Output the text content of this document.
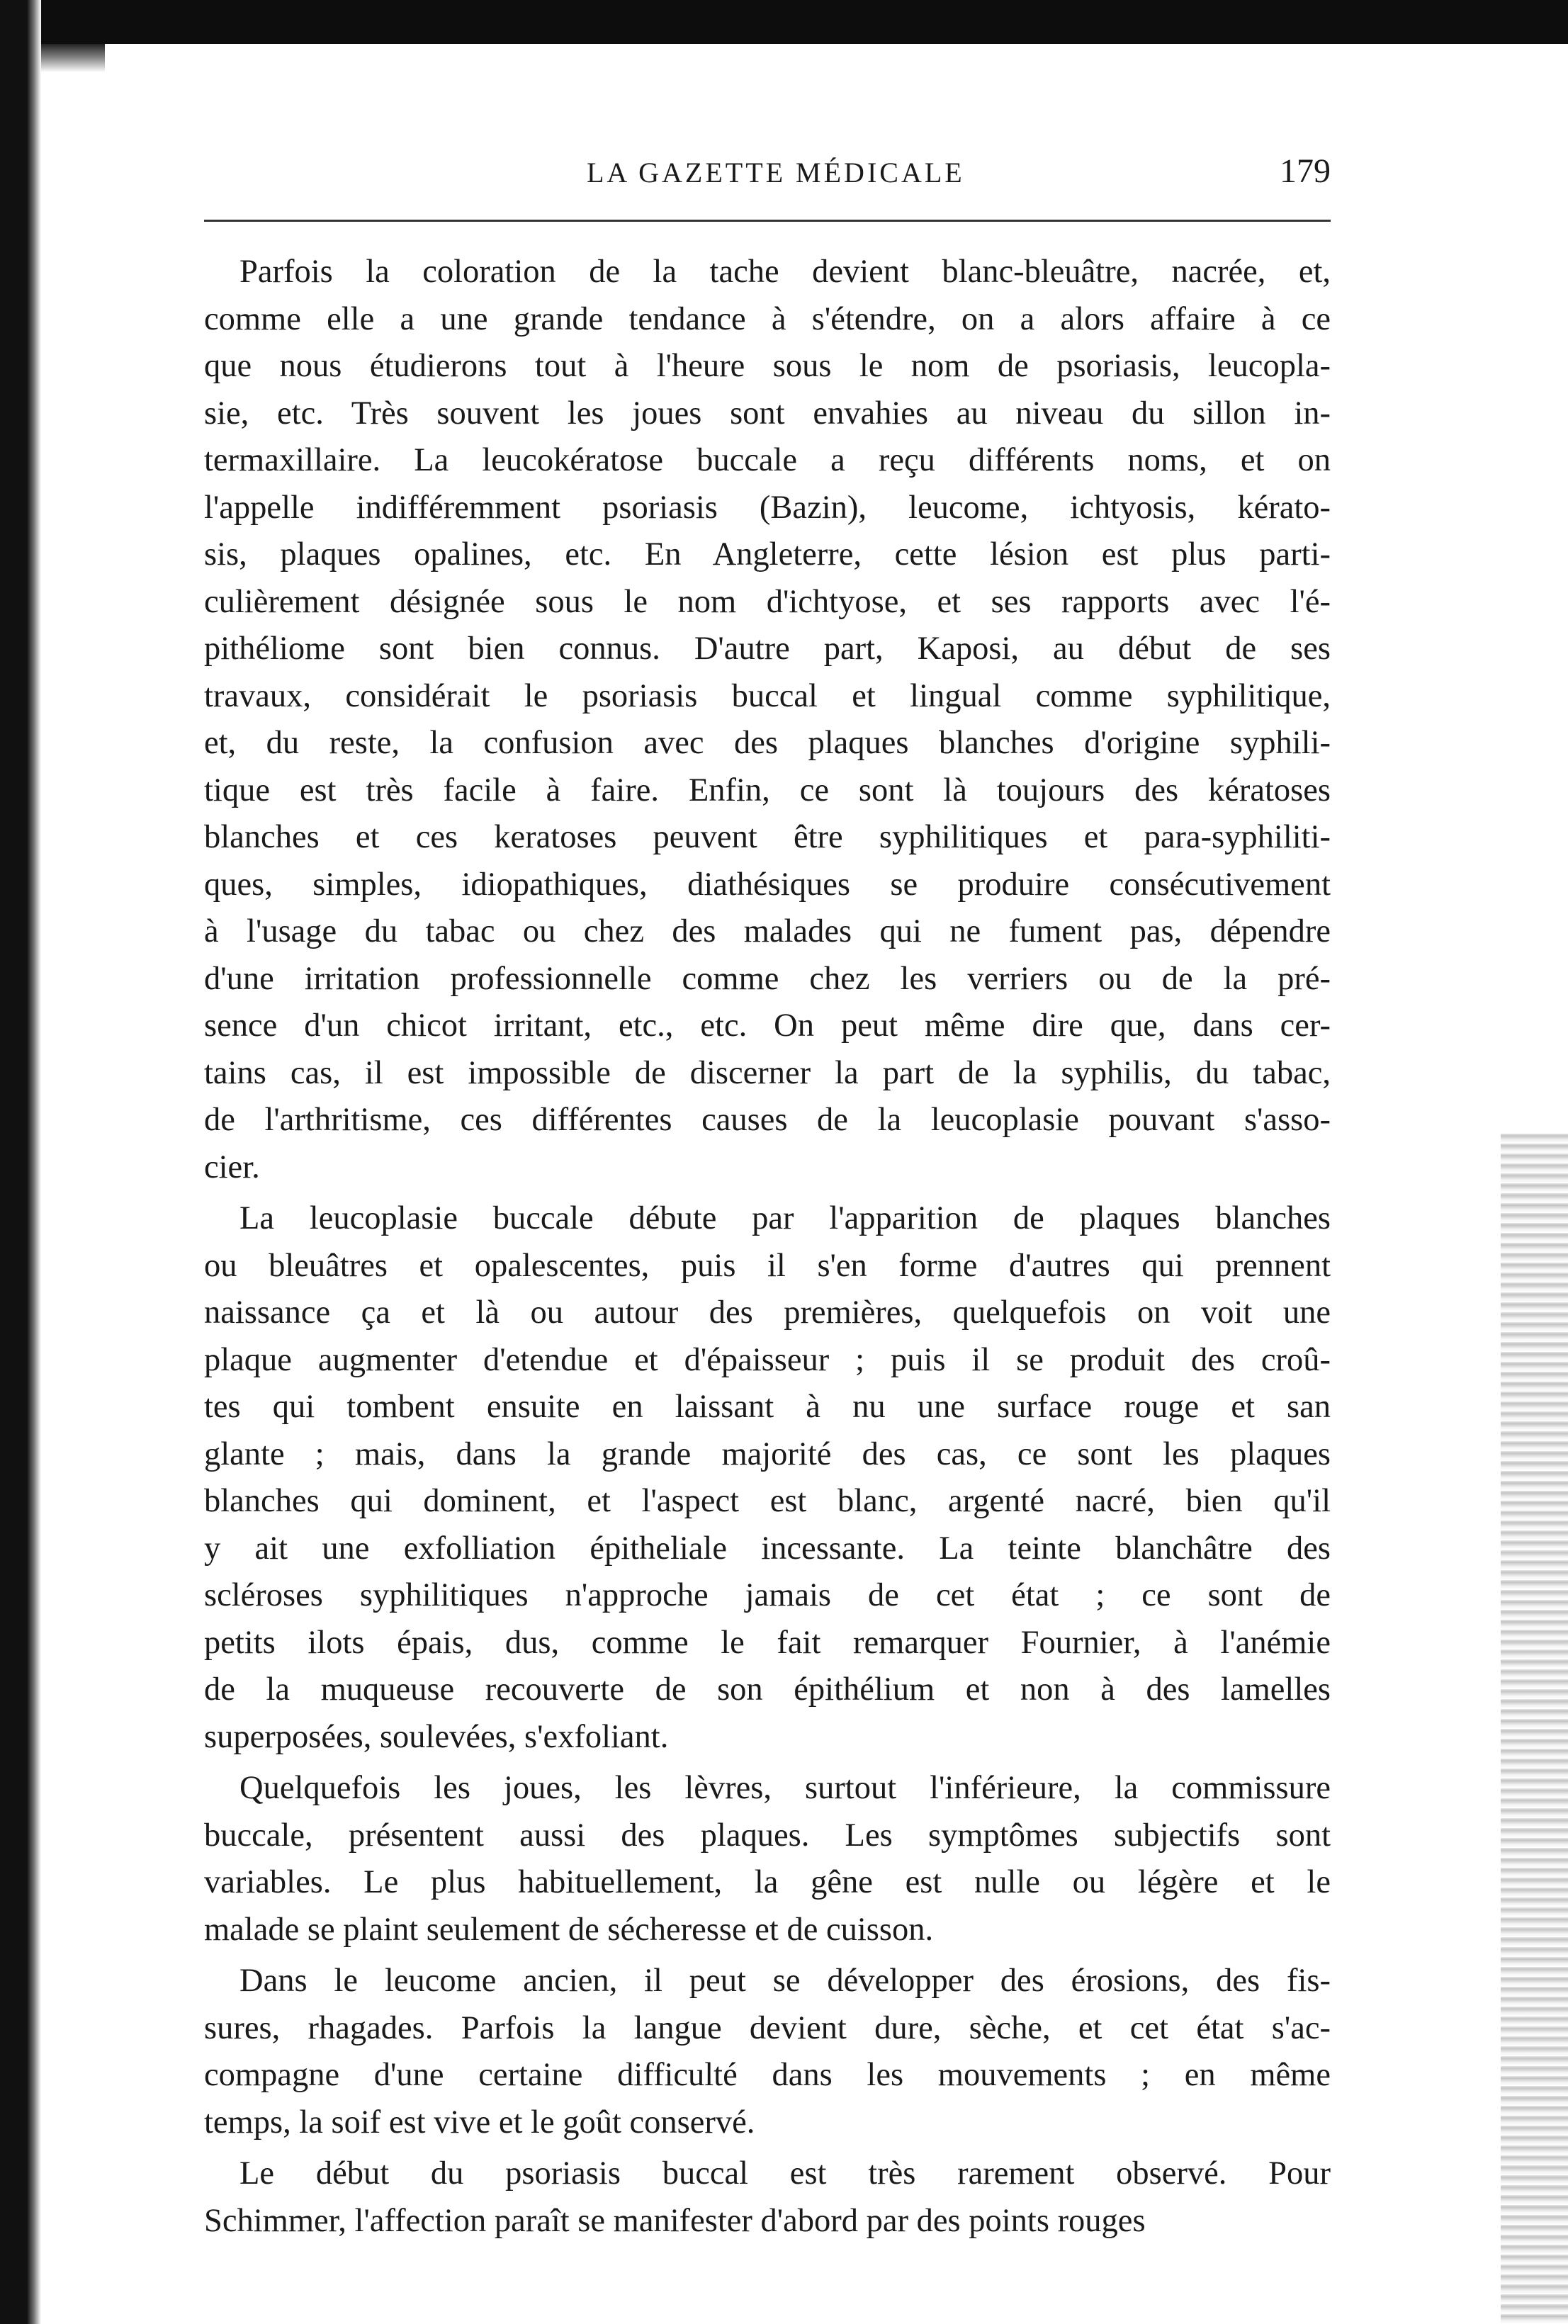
LA GAZETTE MÉDICALE	179

Parfois la coloration de la tache devient blanc-bleuâtre, nacrée, et,
comme elle a une grande tendance à s'étendre, on a alors affaire à ce
que nous étudierons tout à l'heure sous le nom de psoriasis, leucopla-
sie, etc. Très souvent les joues sont envahies au niveau du sillon in-
termaxillaire. La leucokératose buccale a reçu différents noms, et on
l'appelle indifféremment psoriasis (Bazin), leucome, ichtyosis, kérato-
sis, plaques opalines, etc. En Angleterre, cette lésion est plus parti-
culièrement désignée sous le nom d'ichtyose, et ses rapports avec l'é-
pithéliome sont bien connus. D'autre part, Kaposi, au début de ses
travaux, considérait le psoriasis buccal et lingual comme syphilitique,
et, du reste, la confusion avec des plaques blanches d'origine syphili-
tique est très facile à faire. Enfin, ce sont là toujours des kératoses
blanches et ces keratoses peuvent être syphilitiques et para-syphiliti-
ques, simples, idiopathiques, diathésiques se produire consécutivement
à l'usage du tabac ou chez des malades qui ne fument pas, dépendre
d'une irritation professionnelle comme chez les verriers ou de la pré-
sence d'un chicot irritant, etc., etc. On peut même dire que, dans cer-
tains cas, il est impossible de discerner la part de la syphilis, du tabac,
de l'arthritisme, ces différentes causes de la leucoplasie pouvant s'asso-
cier.

La leucoplasie buccale débute par l'apparition de plaques blanches
ou bleuâtres et opalescentes, puis il s'en forme d'autres qui prennent
naissance ça et là ou autour des premières, quelquefois on voit une
plaque augmenter d'etendue et d'épaisseur ; puis il se produit des croû-
tes qui tombent ensuite en laissant à nu une surface rouge et san
glante ; mais, dans la grande majorité des cas, ce sont les plaques
blanches qui dominent, et l'aspect est blanc, argenté nacré, bien qu'il
y ait une exfolliation épitheliale incessante. La teinte blanchâtre des
scléroses syphilitiques n'approche jamais de cet état ; ce sont de
petits ilots épais, dus, comme le fait remarquer Fournier, à l'anémie
de la muqueuse recouverte de son épithélium et non à des lamelles
superposées, soulevées, s'exfoliant.

Quelquefois les joues, les lèvres, surtout l'inférieure, la commissure
buccale, présentent aussi des plaques. Les symptômes subjectifs sont
variables. Le plus habituellement, la gêne est nulle ou légère et le
malade se plaint seulement de sécheresse et de cuisson.

Dans le leucome ancien, il peut se développer des érosions, des fis-
sures, rhagades. Parfois la langue devient dure, sèche, et cet état s'ac-
compagne d'une certaine difficulté dans les mouvements ; en même
temps, la soif est vive et le goût conservé.

Le début du psoriasis buccal est très rarement observé. Pour
Schimmer, l'affection paraît se manifester d'abord par des points rouges
